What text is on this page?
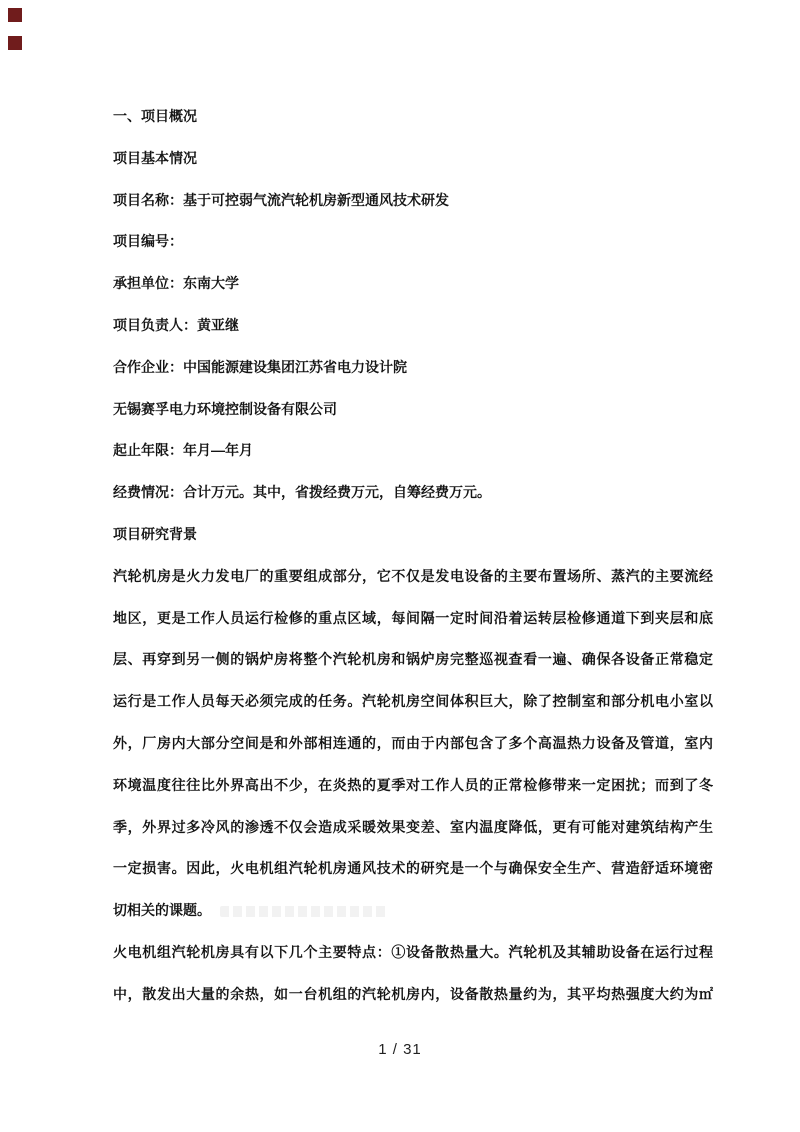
一、项目概况
项目基本情况
项目名称：基于可控弱气流汽轮机房新型通风技术研发
项目编号：
承担单位：东南大学
项目负责人：黄亚继
合作企业：中国能源建设集团江苏省电力设计院
无锡赛孚电力环境控制设备有限公司
起止年限：年月—年月
经费情况：合计万元。其中，省拨经费万元，自筹经费万元。
项目研究背景
汽轮机房是火力发电厂的重要组成部分，它不仅是发电设备的主要布置场所、蒸汽的主要流经
地区，更是工作人员运行检修的重点区域，每间隔一定时间沿着运转层检修通道下到夹层和底
层、再穿到另一侧的锅炉房将整个汽轮机房和锅炉房完整巡视查看一遍、确保各设备正常稳定
运行是工作人员每天必须完成的任务。汽轮机房空间体积巨大，除了控制室和部分机电小室以
外，厂房内大部分空间是和外部相连通的，而由于内部包含了多个高温热力设备及管道，室内
环境温度往往比外界高出不少，在炎热的夏季对工作人员的正常检修带来一定困扰；而到了冬
季，外界过多冷风的渗透不仅会造成采暖效果变差、室内温度降低，更有可能对建筑结构产生
一定损害。因此，火电机组汽轮机房通风技术的研究是一个与确保安全生产、营造舒适环境密
切相关的课题。
火电机组汽轮机房具有以下几个主要特点：①设备散热量大。汽轮机及其辅助设备在运行过程
中，散发出大量的余热，如一台机组的汽轮机房内，设备散热量约为，其平均热强度大约为㎡
1 / 31
